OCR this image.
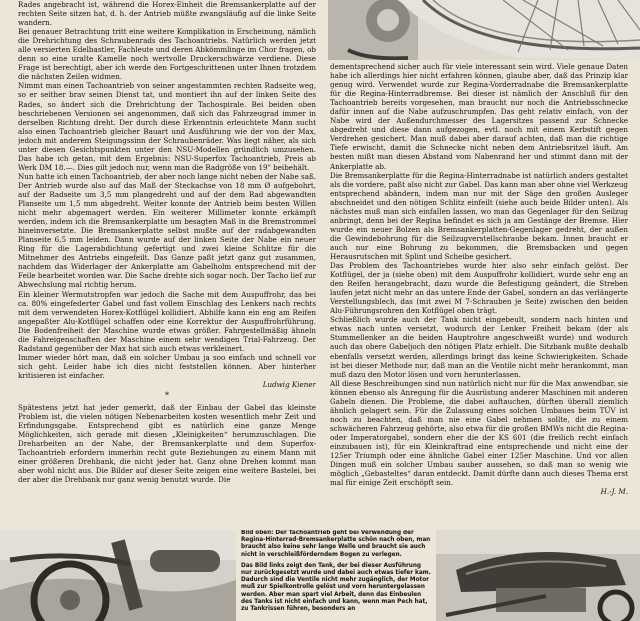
Rades angebracht ist, während die Horex-Einheit die Bremsankerplatte auf der rechten Seite sitzen hat, d. h. der Antrieb müßte zwangsläufig auf die linke Seite wandern.

Bei genauer Betrachtung tritt eine weitere Komplikation in Erscheinung, nämlich die Drehrichtung des Schraubenrads des Tachoantriebs. Natürlich werden jetzt alle versierten Edelbastler, Fachleute und deren Abkömmlinge im Chor fragen, ob denn so eine uralte Kamelle noch wertvolle Druckerschwärze verdiene. Diese Frage ist berechtigt, aber ich werde den Fortgeschrittenen unter Ihnen trotzdem die nächsten Zeilen widmen.

Nimmt man einen Tachoantrieb von seiner angestammten rechten Radseite weg, so er seither brav seinen Dienst tat, und montiert ihn auf der linken Seite des Rades, so ändert sich die Drehrichtung der Tachospirale. Bei beiden oben beschriebenen Versionen sei angenommen, daß sich das Fahrzeugrad immer in derselben Richtung dreht. Der durch diese Erkenntnis erleuchtete Mann sucht also einen Tachoantrieb gleicher Bauart und Ausführung wie der von der Max, jedoch mit anderem Steigungssinn der Schraubenräder. Was liegt näher, als sich unter diesen Gesichtspunkten unter den NSU-Modellen gründlich umzusehen. Das habe ich getan, mit dem Ergebnis: NSU-Superfox Tachoantrieb, Preis ab Werk DM 18.—. Dies gilt jedoch nur, wenn man die Radgröße von 19" beibehält.

Nun hatte ich einen Tachoantrieb, der aber noch lange nicht neben der Nabe saß. Der Antrieb wurde also auf das Maß der Steckachse von 18 mm Ø aufgebohrt, auf der Radseite um 3,5 mm plangedreht und auf der dem Rad abgewandten Planseite um 1,5 mm abgedreht. Weiter konnte der Antrieb beim besten Willen nicht mehr abgemagert werden. Ein weiterer Millimeter konnte erkämpft werden, indem ich die Bremsankerplatte um besagten Maß in die Bremstrommel hineinversetzte. Die Bremsankerplatte selbst mußte auf der radabgewandten Planseite 6,5 mm leiden. Dann wurde auf der linken Seite der Nabe ein neuer Ring für die Lagerabdichtung gefertigt und zwei kleine Schlitze für die Mitnehmer des Antriebs eingefeilt. Das Ganze paßt jetzt ganz gut zusammen, nachdem das Widerlager der Ankerplatte am Gabelholm entsprechend mit der Feile bearbeitet worden war. Die Sache drehte sich sogar noch. Der Tacho lief zur Abwechslung mal richtig herum.

Ein kleiner Wermutstropfen war jedoch die Sache mit dem Auspuffrohr, das bei ca. 80% eingefederter Gabel und fast vollem Einschlag des Lenkers nach rechts mit dem verwendeten Horex-Kotflügel kollidiert. Abhilfe kann ein eng am Reifen angepaßter Alu-Kotflügel schaffen oder eine Korrektur der Auspuffrohrführung. Die Bodenfreiheit der Maschine wurde etwas größer. Fahrgestellmäßig ähneln die Fahreigenschaften der Maschine einem sehr wendigen Trial-Fahrzeug. Der Radstand gegenüber der Max hat sich auch etwas verkleinert.

Immer wieder hört man, daß ein solcher Umbau ja soo einfach und schnell vor sich geht. Leider habe ich dies nicht feststellen können. Aber hinterher kritisieren ist einfacher.

Ludwig Kiener

*

Spätestens jetzt hat jeder gemerkt, daß der Einbau der Gabel das kleinste Problem ist, die vielen nötigen Nebenarbeiten kosten wesentlich mehr Zeit und Erfindungsgabe. Entsprechend gibt es natürlich eine ganze Menge Möglichkeiten, sich gerade mit diesen „Kleinigkeiten“ herumzuschlagen. Die Dreharbeiten an der Nabe, der Bremsankerplatte und dem Superfox-Tachoantrieb erfordern immerhin recht gute Beziehungen zu einem Mann mit einer größeren Drehbank, die nicht jeder hat. Ganz ohne Drehen kommt man aber wohl nicht aus. Die Bilder auf dieser Seite zeigen eine weitere Bastelei, bei der aber die Drehbank nur ganz wenig benutzt wurde. Die

dementsprechend sicher auch für viele interessant sein wird. Viele genaue Daten habe ich allerdings hier nicht erfahren können, glaube aber, daß das Prinzip klar genug wird. Verwendet wurde zur Regina-Vorderradnabe die Bremsankerplatte für die Regina-Hinterradbremse. Bei dieser ist nämlich der Anschluß für den Tachoantrieb bereits vorgesehen, man braucht nur noch die Antriebsschnecke dafür innen auf die Nabe aufzuschrumpfen. Das geht relativ einfach, von der Nabe wird der Außendurchmesser des Lagersitzes passend zur Schnecke abgedreht und diese dann aufgezogen, evtl. noch mit einem Kerbstift gegen Verdrehen gesichert. Man muß dabei aber darauf achten, daß man die richtige Tiefe erwischt, damit die Schnecke nicht neben dem Antriebsritzel läuft. Am besten mißt man diesen Abstand vom Nabenrand her und stimmt dann mit der Ankerplatte ab.

Die Bremsankerplatte für die Regina-Hinterradnabe ist natürlich anders gestaltet als die vordere, paßt also nicht zur Gabel. Das kann man aber ohne viel Werkzeug entsprechend abändern, indem man nur mit der Säge den großen Ausleger abschneidet und den nötigen Schlitz einfeilt (siehe auch beide Bilder unten). Als nächstes muß man sich einfallen lassen, wo man das Gegenlager für den Seilzug anbringt, denn bei der Regina befindet es sich ja am Gestänge der Bremse. Hier wurde ein neuer Bolzen als Bremsankerplatten-Gegenlager gedreht, der außen die Gewindebohrung für die Seilzugverstellschraube bekam. Innen braucht er auch nur eine Bohrung zu bekommen, die Bremsbacken und gegen Herausrutschen mit Splint und Scheibe gesichert.

Das Problem des Tachoantriebes wurde hier also sehr einfach gelöst. Der Kotflügel, der ja (siehe oben) mit dem Auspuffrohr kollidiert, wurde sehr eng an den Reifen herangebracht, dazu wurde die Befestigung geändert, die Streben laufen jetzt nicht mehr an das untere Ende der Gabel, sondern an das verlängerte Verstellungsblech, das (mit zwei M 7-Schrauben je Seite) zwischen den beiden Alu-Führungsrohren den Kotflügel oben trägt.

Schließlich wurde auch der Tank nicht eingebeult, sondern nach hinten und etwas nach unten versetzt, wodurch der Lenker Freiheit bekam (der als Stummellenker an die beiden Hauptrohre angeschweißt wurde) und wodurch auch das obere Gabeljoch den nötigen Platz erhielt. Die Sitzbank mußte deshalb ebenfalls versetzt werden, allerdings bringt das keine Schwierigkeiten. Schade ist bei dieser Methode nur, daß man an die Ventile nicht mehr herankommt, man muß dazu den Motor lösen und vorn herunterlassen.

All diese Beschreibungen sind nun natürlich nicht nur für die Max anwendbar, sie können ebenso als Anregung für die Ausrüstung anderer Maschinen mit anderen Gabeln dienen. Die Probleme, die dabei auftauchen, dürften überall ziemlich ähnlich gelagert sein. Für die Zulassung eines solchen Umbaues beim TÜV ist noch zu beachten, daß man nie eine Gabel nehmen sollte, die zu einem schwächeren Fahrzeug gehörte, also etwa für die großen BMWs nicht die Regina- oder Imperatorgabel, sondern eher die der KS 601 (die freilich recht einfach einzubauen ist), für ein Kleinkraftrad eine entsprechende und nicht eine der 125er Triumph oder eine ähnliche Gabel einer 125er Maschine. Und vor allen Dingen muß ein solcher Umbau sauber aussehen, so daß man so wenig wie möglich „Gebasteltes“ daran entdeckt. Damit dürfte dann auch dieses Thema erst mal für einige Zeit erschöpft sein.

H.-J. M.

Bild oben: Der Tachoantrieb geht bei Verwendung der Regina-Hinterrad-Bremsankerplatte schön nach oben, man braucht also keine sehr lange Welle und braucht sie auch nicht in verschleißförderndem Bogen zu verlegen.

Das Bild links zeigt den Tank, der bei dieser Ausführung nur zurückgesetzt wurde und dabei auch etwas tiefer kam. Dadurch sind die Ventile nicht mehr zugänglich, der Motor muß zur Spielkontrolle gelöst und vorn heruntergelassen werden. Aber man spart viel Arbeit, denn das Einbeulen des Tanks ist nicht einfach und kann, wenn man Pech hat, zu Tankrissen führen, besonders an
